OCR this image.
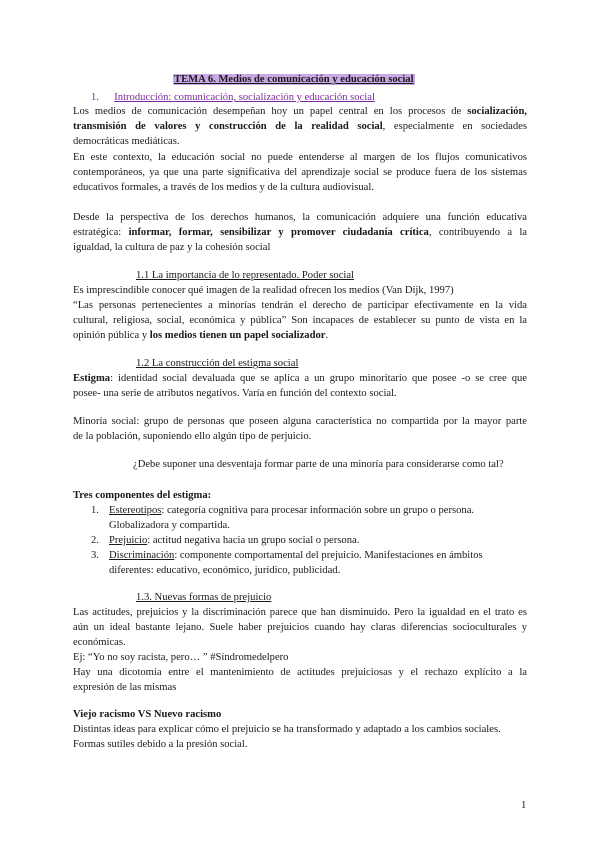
TEMA 6. Medios de comunicación y educación social
1. Introducción: comunicación, socialización y educación social
Los medios de comunicación desempeñan hoy un papel central en los procesos de socialización,
transmisión de valores y construcción de la realidad social, especialmente en sociedades
democráticas mediáticas.
En este contexto, la educación social no puede entenderse al margen de los flujos comunicativos
contemporáneos, ya que una parte significativa del aprendizaje social se produce fuera de los sistemas
educativos formales, a través de los medios y de la cultura audiovisual.
Desde la perspectiva de los derechos humanos, la comunicación adquiere una función educativa
estratégica: informar, formar, sensibilizar y promover ciudadanía crítica, contribuyendo a la
igualdad, la cultura de paz y la cohesión social
1.1 La importancia de lo representado. Poder social
Es imprescindible conocer qué imagen de la realidad ofrecen los medios (Van Dijk, 1997)
“Las personas pertenecientes a minorías tendrán el derecho de participar efectivamente en la vida
cultural, religiosa, social, económica y pública” Son incapaces de establecer su punto de vista en la
opinión pública y los medios tienen un papel socializador.
1.2 La construcción del estigma social
Estigma: identidad social devaluada que se aplica a un grupo minoritario que posee -o se cree que
posee- una serie de atributos negativos. Varía en función del contexto social.
Minoría social: grupo de personas que poseen alguna característica no compartida por la mayor parte
de la población, suponiendo ello algún tipo de perjuicio.
¿Debe suponer una desventaja formar parte de una minoría para considerarse como tal?
Tres componentes del estigma:
1. Estereotipos: categoría cognitiva para procesar información sobre un grupo o persona.
Globalizadora y compartida.
2. Prejuicio: actitud negativa hacia un grupo social o persona.
3. Discriminación: componente comportamental del prejuicio. Manifestaciones en ámbitos
diferentes: educativo, económico, jurídico, publicidad.
1.3. Nuevas formas de prejuicio
Las actitudes, prejuicios y la discriminación parece que han disminuido. Pero la igualdad en el trato es
aún un ideal bastante lejano. Suele haber prejuicios cuando hay claras diferencias socioculturales y
económicas.
Ej: “Yo no soy racista, pero… ” #Síndromedelpero
Hay una dicotomía entre el mantenimiento de actitudes prejuiciosas y el rechazo explícito a la
expresión de las mismas
Viejo racismo VS Nuevo racismo
Distintas ideas para explicar cómo el prejuicio se ha transformado y adaptado a los cambios sociales.
Formas sutiles debido a la presión social.
1
